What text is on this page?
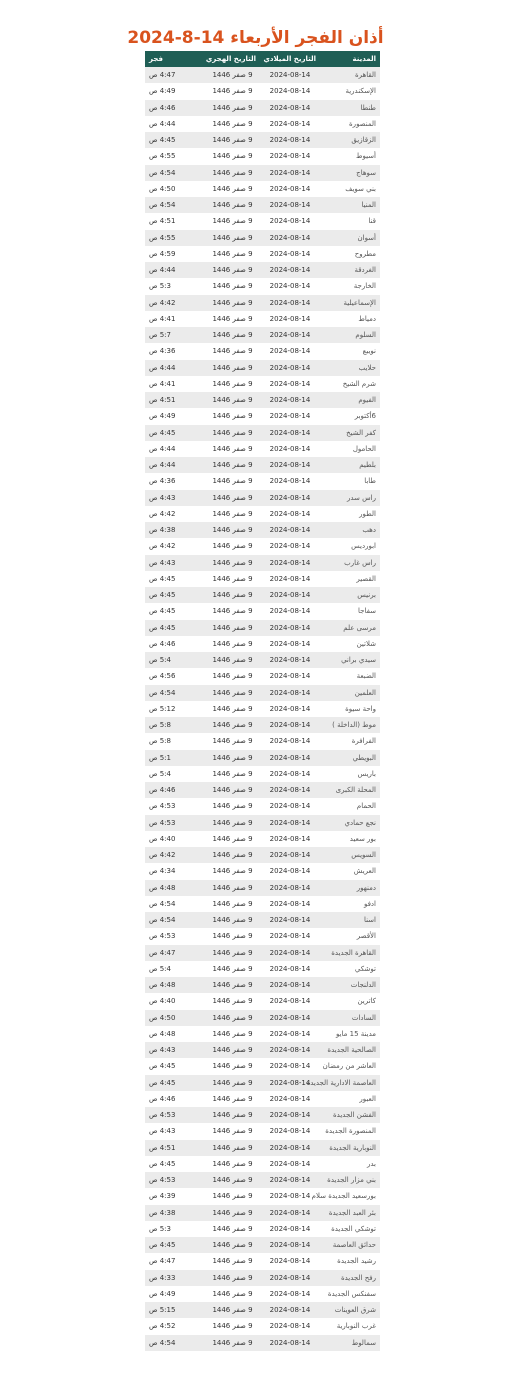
أذان الفجر الأربعاء 14-8-2024
المدينة	التاريخ الميلادي	التاريخ الهجري	فجر
القاهرة	2024-08-14	9 صفر 1446	4:47 ص
الإسكندرية	2024-08-14	9 صفر 1446	4:49 ص
طنطا	2024-08-14	9 صفر 1446	4:46 ص
المنصورة	2024-08-14	9 صفر 1446	4:44 ص
الزقازيق	2024-08-14	9 صفر 1446	4:45 ص
أسيوط	2024-08-14	9 صفر 1446	4:55 ص
سوهاج	2024-08-14	9 صفر 1446	4:54 ص
بني سويف	2024-08-14	9 صفر 1446	4:50 ص
المنيا	2024-08-14	9 صفر 1446	4:54 ص
قنا	2024-08-14	9 صفر 1446	4:51 ص
أسوان	2024-08-14	9 صفر 1446	4:55 ص
مطروح	2024-08-14	9 صفر 1446	4:59 ص
الغردقة	2024-08-14	9 صفر 1446	4:44 ص
الخارجة	2024-08-14	9 صفر 1446	5:3 ص
الإسماعيلية	2024-08-14	9 صفر 1446	4:42 ص
دمياط	2024-08-14	9 صفر 1446	4:41 ص
السلوم	2024-08-14	9 صفر 1446	5:7 ص
نويبع	2024-08-14	9 صفر 1446	4:36 ص
حلايب	2024-08-14	9 صفر 1446	4:44 ص
شرم الشيخ	2024-08-14	9 صفر 1446	4:41 ص
الفيوم	2024-08-14	9 صفر 1446	4:51 ص
6أكتوبر	2024-08-14	9 صفر 1446	4:49 ص
كفر الشيخ	2024-08-14	9 صفر 1446	4:45 ص
الحامول	2024-08-14	9 صفر 1446	4:44 ص
بلطيم	2024-08-14	9 صفر 1446	4:44 ص
طابا	2024-08-14	9 صفر 1446	4:36 ص
راس سدر	2024-08-14	9 صفر 1446	4:43 ص
الطور	2024-08-14	9 صفر 1446	4:42 ص
دهب	2024-08-14	9 صفر 1446	4:38 ص
ابورديس	2024-08-14	9 صفر 1446	4:42 ص
راس غارب	2024-08-14	9 صفر 1446	4:43 ص
القصير	2024-08-14	9 صفر 1446	4:45 ص
برنيس	2024-08-14	9 صفر 1446	4:45 ص
سفاجا	2024-08-14	9 صفر 1446	4:45 ص
مرسى علم	2024-08-14	9 صفر 1446	4:45 ص
شلاتين	2024-08-14	9 صفر 1446	4:46 ص
سيدي براني	2024-08-14	9 صفر 1446	5:4 ص
الضبعة	2024-08-14	9 صفر 1446	4:56 ص
العلمين	2024-08-14	9 صفر 1446	4:54 ص
واحة سيوة	2024-08-14	9 صفر 1446	5:12 ص
موط (الداخلة )	2024-08-14	9 صفر 1446	5:8 ص
الفرافرة	2024-08-14	9 صفر 1446	5:8 ص
البويطي	2024-08-14	9 صفر 1446	5:1 ص
باريس	2024-08-14	9 صفر 1446	5:4 ص
المحلة الكبرى	2024-08-14	9 صفر 1446	4:46 ص
الحمام	2024-08-14	9 صفر 1446	4:53 ص
نجع حمادي	2024-08-14	9 صفر 1446	4:53 ص
بور سعيد	2024-08-14	9 صفر 1446	4:40 ص
السويس	2024-08-14	9 صفر 1446	4:42 ص
العريش	2024-08-14	9 صفر 1446	4:34 ص
دمنهور	2024-08-14	9 صفر 1446	4:48 ص
ادفو	2024-08-14	9 صفر 1446	4:54 ص
اسنا	2024-08-14	9 صفر 1446	4:54 ص
الأقصر	2024-08-14	9 صفر 1446	4:53 ص
القاهرة الجديدة	2024-08-14	9 صفر 1446	4:47 ص
توشكي	2024-08-14	9 صفر 1446	5:4 ص
الدلنجات	2024-08-14	9 صفر 1446	4:48 ص
كاترين	2024-08-14	9 صفر 1446	4:40 ص
السادات	2024-08-14	9 صفر 1446	4:50 ص
مدينة 15 مايو	2024-08-14	9 صفر 1446	4:48 ص
الصالحية الجديدة	2024-08-14	9 صفر 1446	4:43 ص
العاشر من رمضان	2024-08-14	9 صفر 1446	4:45 ص
العاصمة الادارية الجديدة	2024-08-14	9 صفر 1446	4:45 ص
العبور	2024-08-14	9 صفر 1446	4:46 ص
الفشن الجديدة	2024-08-14	9 صفر 1446	4:53 ص
المنصورة الجديدة	2024-08-14	9 صفر 1446	4:43 ص
النوبارية الجديدة	2024-08-14	9 صفر 1446	4:51 ص
بدر	2024-08-14	9 صفر 1446	4:45 ص
بني مزار الجديدة	2024-08-14	9 صفر 1446	4:53 ص
بورسعيد الجديدة سلام	2024-08-14	9 صفر 1446	4:39 ص
بئر العبد الجديدة	2024-08-14	9 صفر 1446	4:38 ص
توشكي الجديدة	2024-08-14	9 صفر 1446	5:3 ص
حدائق العاصمة	2024-08-14	9 صفر 1446	4:45 ص
رشيد الجديدة	2024-08-14	9 صفر 1446	4:47 ص
رفح الجديدة	2024-08-14	9 صفر 1446	4:33 ص
سفنكس الجديدة	2024-08-14	9 صفر 1446	4:49 ص
شرق العوينات	2024-08-14	9 صفر 1446	5:15 ص
غرب النوبارية	2024-08-14	9 صفر 1446	4:52 ص
سمالوط	2024-08-14	9 صفر 1446	4:54 ص
